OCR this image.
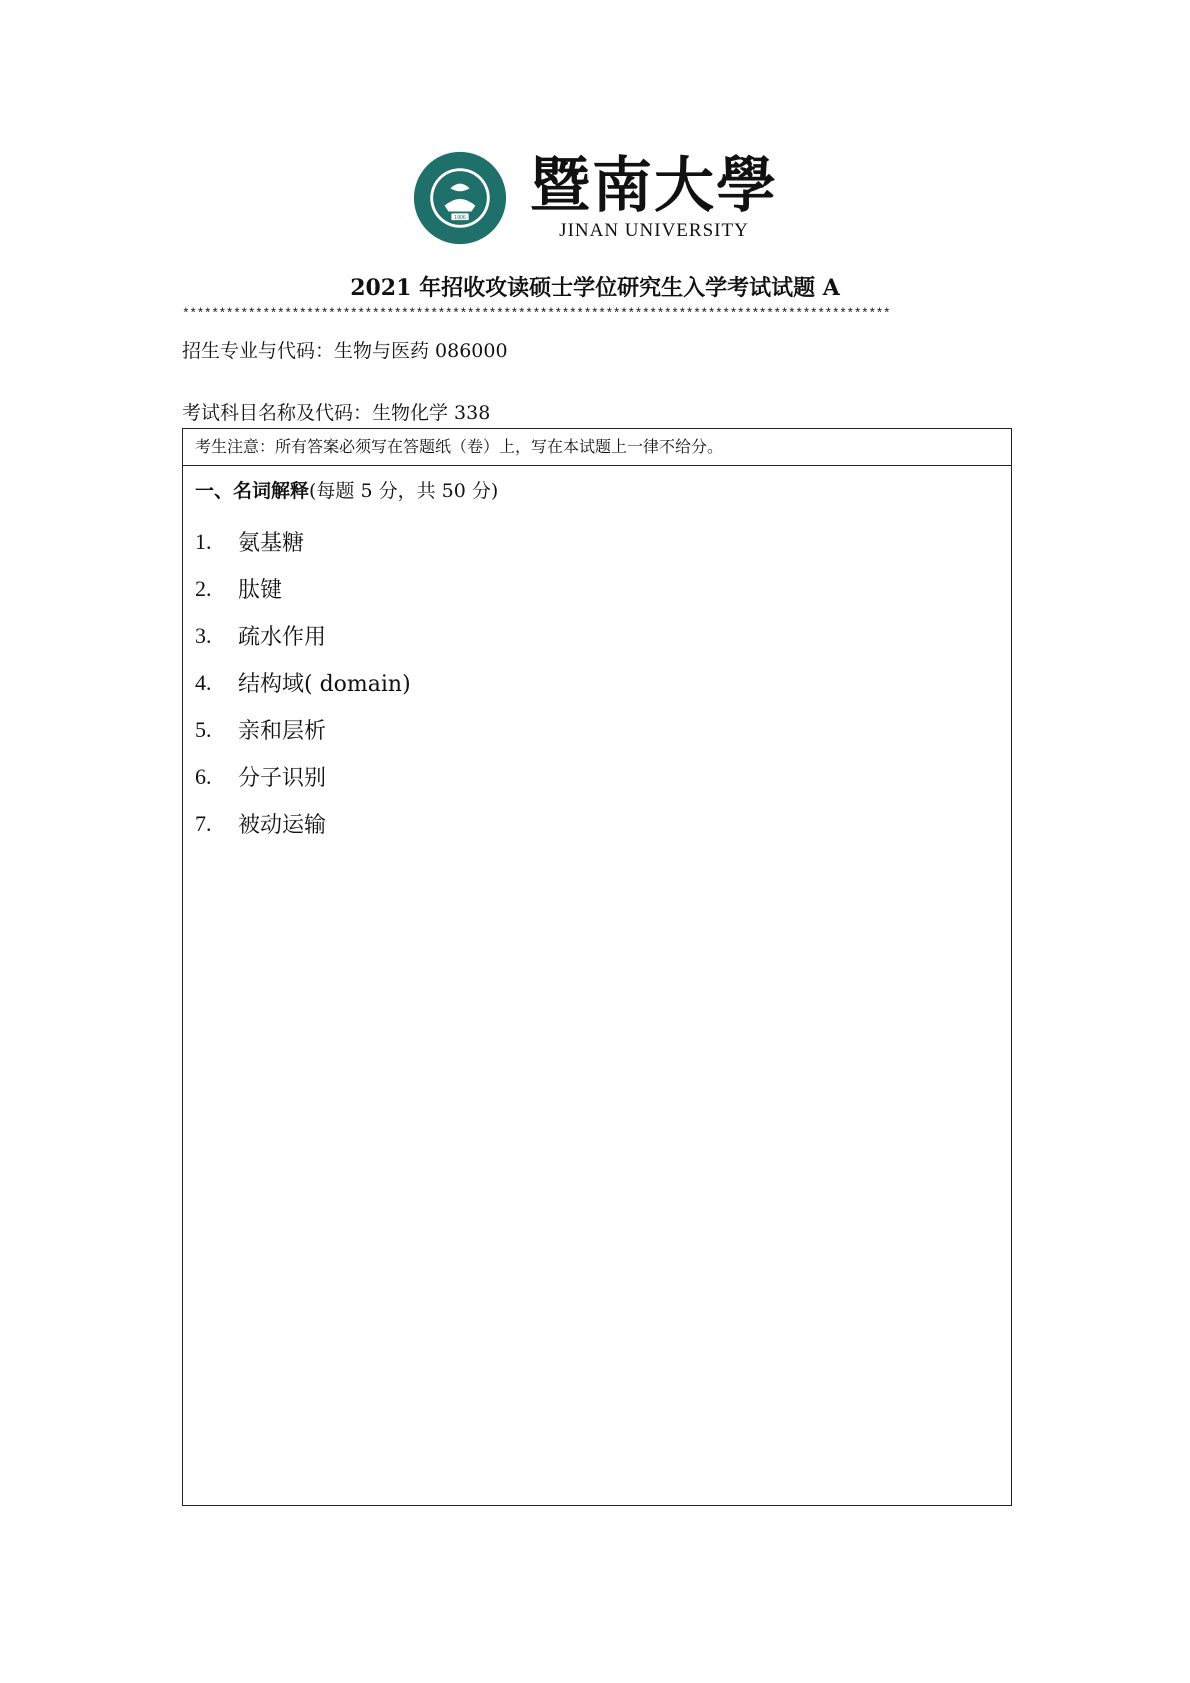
1906 暨南大學
JINAN UNIVERSITY
2021 年招收攻读硕士学位研究生入学考试试题 A
*************************************************************************************************
招生专业与代码：生物与医药 086000
考试科目名称及代码：生物化学 338
考生注意：所有答案必须写在答题纸（卷）上，写在本试题上一律不给分。
一、名词解释(每题 5 分，共 50 分)
1.	氨基糖
2.	肽键
3.	疏水作用
4.	结构域( domain)
5.	亲和层析
6.	分子识别
7.	被动运输
